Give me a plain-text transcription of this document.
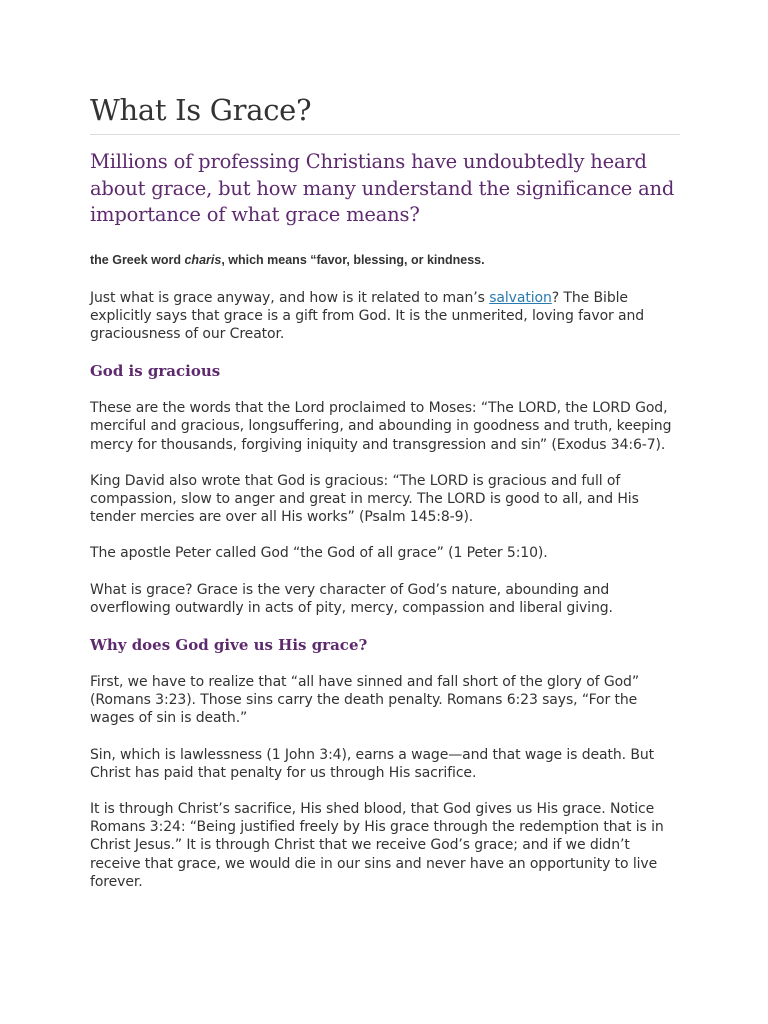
What Is Grace?

Millions of professing Christians have undoubtedly heard about grace, but how many understand the significance and importance of what grace means?

the Greek word charis, which means “favor, blessing, or kindness.

Just what is grace anyway, and how is it related to man’s salvation? The Bible explicitly says that grace is a gift from God. It is the unmerited, loving favor and graciousness of our Creator.

God is gracious

These are the words that the Lord proclaimed to Moses: “The LORD, the LORD God, merciful and gracious, longsuffering, and abounding in goodness and truth, keeping mercy for thousands, forgiving iniquity and transgression and sin” (Exodus 34:6-7).

King David also wrote that God is gracious: “The LORD is gracious and full of compassion, slow to anger and great in mercy. The LORD is good to all, and His tender mercies are over all His works” (Psalm 145:8-9).

The apostle Peter called God “the God of all grace” (1 Peter 5:10).

What is grace? Grace is the very character of God’s nature, abounding and overflowing outwardly in acts of pity, mercy, compassion and liberal giving.

Why does God give us His grace?

First, we have to realize that “all have sinned and fall short of the glory of God” (Romans 3:23). Those sins carry the death penalty. Romans 6:23 says, “For the wages of sin is death.”

Sin, which is lawlessness (1 John 3:4), earns a wage—and that wage is death. But Christ has paid that penalty for us through His sacrifice.

It is through Christ’s sacrifice, His shed blood, that God gives us His grace. Notice Romans 3:24: “Being justified freely by His grace through the redemption that is in Christ Jesus.” It is through Christ that we receive God’s grace; and if we didn’t receive that grace, we would die in our sins and never have an opportunity to live forever.
